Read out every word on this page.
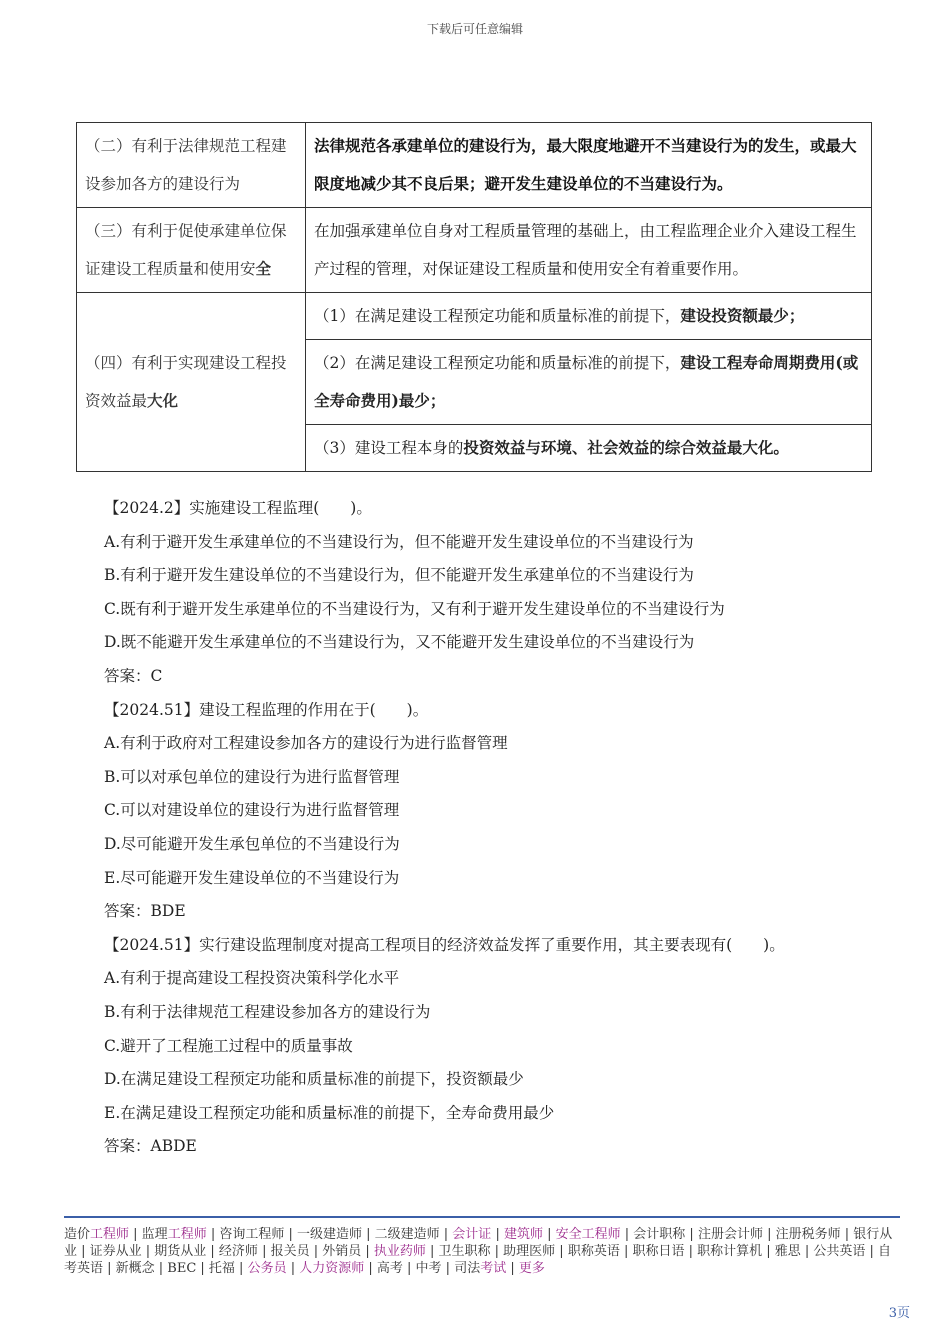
下载后可任意编辑
（二）有利于法律规范工程建设参加各方的建设行为	法律规范各承建单位的建设行为，最大限度地避开不当建设行为的发生，或最大限度地减少其不良后果；避开发生建设单位的不当建设行为。
（三）有利于促使承建单位保证建设工程质量和使用安全	在加强承建单位自身对工程质量管理的基础上，由工程监理企业介入建设工程生产过程的管理，对保证建设工程质量和使用安全有着重要作用。
（四）有利于实现建设工程投资效益最大化	（1）在满足建设工程预定功能和质量标准的前提下，建设投资额最少；
	（2）在满足建设工程预定功能和质量标准的前提下，建设工程寿命周期费用(或全寿命费用)最少；
	（3）建设工程本身的投资效益与环境、社会效益的综合效益最大化。

【2024.2】实施建设工程监理(　　)。

A.有利于避开发生承建单位的不当建设行为，但不能避开发生建设单位的不当建设行为

B.有利于避开发生建设单位的不当建设行为，但不能避开发生承建单位的不当建设行为

C.既有利于避开发生承建单位的不当建设行为，又有利于避开发生建设单位的不当建设行为

D.既不能避开发生承建单位的不当建设行为，又不能避开发生建设单位的不当建设行为

答案：C

【2024.51】建设工程监理的作用在于(　　)。

A.有利于政府对工程建设参加各方的建设行为进行监督管理

B.可以对承包单位的建设行为进行监督管理

C.可以对建设单位的建设行为进行监督管理

D.尽可能避开发生承包单位的不当建设行为

E.尽可能避开发生建设单位的不当建设行为

答案：BDE

【2024.51】实行建设监理制度对提高工程项目的经济效益发挥了重要作用，其主要表现有(　　)。

A.有利于提高建设工程投资决策科学化水平

B.有利于法律规范工程建设参加各方的建设行为

C.避开了工程施工过程中的质量事故

D.在满足建设工程预定功能和质量标准的前提下，投资额最少

E.在满足建设工程预定功能和质量标准的前提下，全寿命费用最少

答案：ABDE

造价工程师 | 监理工程师 | 咨询工程师 | 一级建造师 | 二级建造师 | 会计证 | 建筑师 | 安全工程师 | 会计职称 | 注册会计师 | 注册税务师 | 银行从业 | 证券从业 | 期货从业 | 经济师 | 报关员 | 外销员 | 执业药师 | 卫生职称 | 助理医师 | 职称英语 | 职称日语 | 职称计算机 | 雅思 | 公共英语 | 自考英语 | 新概念 | BEC | 托福 | 公务员 | 人力资源师 | 高考 | 中考 | 司法考试 | 更多
3页
